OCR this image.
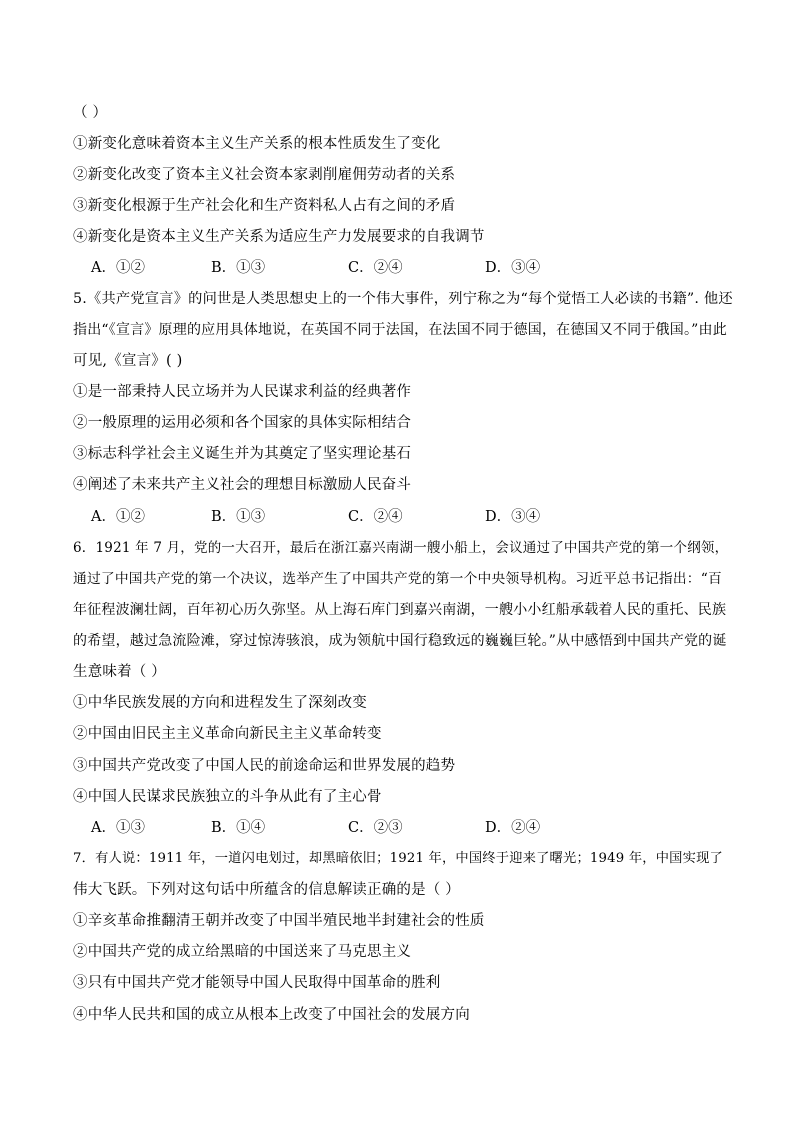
（ ）
①新变化意味着资本主义生产关系的根本性质发生了变化
②新变化改变了资本主义社会资本家剥削雇佣劳动者的关系
③新变化根源于生产社会化和生产资料私人占有之间的矛盾
④新变化是资本主义生产关系为适应生产力发展要求的自我调节
A．①②	B．①③	C．②④	D．③④
5.《共产党宣言》的问世是人类思想史上的一个伟大事件，列宁称之为“每个觉悟工人必读的书籍”. 他还
指出“《宣言》原理的应用具体地说，在英国不同于法国，在法国不同于德国，在德国又不同于俄国。”由此
可见,《宣言》( )
①是一部秉持人民立场并为人民谋求利益的经典著作
②一般原理的运用必须和各个国家的具体实际相结合
③标志科学社会主义诞生并为其奠定了坚实理论基石
④阐述了未来共产主义社会的理想目标激励人民奋斗
A．①②	B．①③	C．②④	D．③④
6．1921 年 7 月，党的一大召开，最后在浙江嘉兴南湖一艘小船上，会议通过了中国共产党的第一个纲领，
通过了中国共产党的第一个决议，选举产生了中国共产党的第一个中央领导机构。习近平总书记指出：“百
年征程波澜壮阔，百年初心历久弥坚。从上海石库门到嘉兴南湖，一艘小小红船承载着人民的重托、民族
的希望，越过急流险滩，穿过惊涛骇浪，成为领航中国行稳致远的巍巍巨轮。”从中感悟到中国共产党的诞
生意味着（ ）
①中华民族发展的方向和进程发生了深刻改变
②中国由旧民主主义革命向新民主主义革命转变
③中国共产党改变了中国人民的前途命运和世界发展的趋势
④中国人民谋求民族独立的斗争从此有了主心骨
A．①③	B．①④	C．②③	D．②④
7．有人说：1911 年，一道闪电划过，却黑暗依旧；1921 年，中国终于迎来了曙光；1949 年，中国实现了
伟大飞跃。下列对这句话中所蕴含的信息解读正确的是（ ）
①辛亥革命推翻清王朝并改变了中国半殖民地半封建社会的性质
②中国共产党的成立给黑暗的中国送来了马克思主义
③只有中国共产党才能领导中国人民取得中国革命的胜利
④中华人民共和国的成立从根本上改变了中国社会的发展方向
